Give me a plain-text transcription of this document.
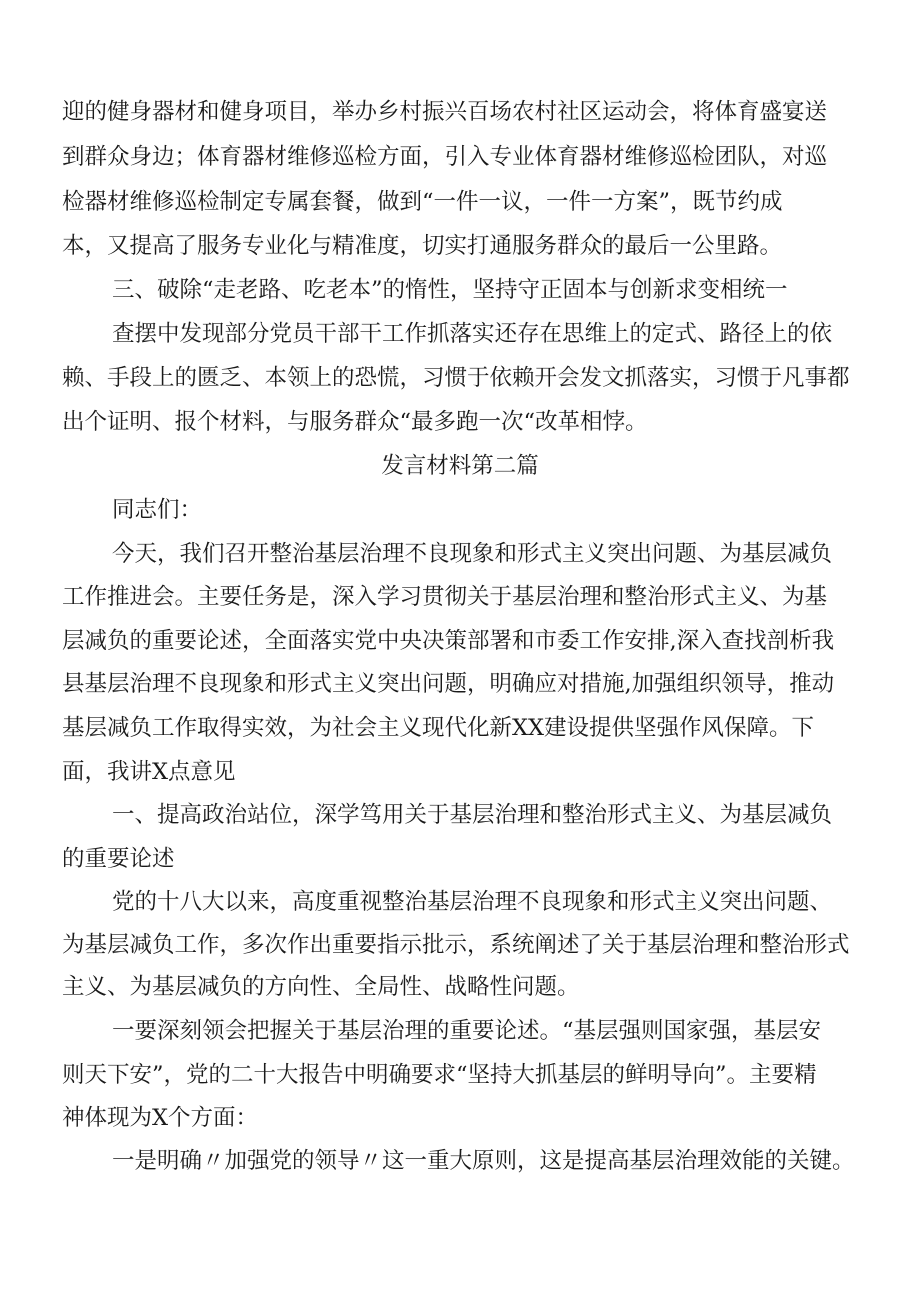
迎的健身器材和健身项目，举办乡村振兴百场农村社区运动会，将体育盛宴送
到群众身边；体育器材维修巡检方面，引入专业体育器材维修巡检团队，对巡
检器材维修巡检制定专属套餐，做到“一件一议，一件一方案”，既节约成
本，又提高了服务专业化与精准度，切实打通服务群众的最后一公里路。
三、破除“走老路、吃老本”的惰性，坚持守正固本与创新求变相统一
查摆中发现部分党员干部干工作抓落实还存在思维上的定式、路径上的依
赖、手段上的匮乏、本领上的恐慌，习惯于依赖开会发文抓落实，习惯于凡事都
出个证明、报个材料，与服务群众“最多跑一次“改革相悖。
发言材料第二篇
同志们：
今天，我们召开整治基层治理不良现象和形式主义突出问题、为基层减负
工作推进会。主要任务是，深入学习贯彻关于基层治理和整治形式主义、为基
层减负的重要论述，全面落实党中央决策部署和市委工作安排,深入查找剖析我
县基层治理不良现象和形式主义突出问题，明确应对措施,加强组织领导，推动
基层减负工作取得实效，为社会主义现代化新XX建设提供坚强作风保障。下
面，我讲X点意见
一、提高政治站位，深学笃用关于基层治理和整治形式主义、为基层减负
的重要论述
党的十八大以来，高度重视整治基层治理不良现象和形式主义突出问题、
为基层减负工作，多次作出重要指示批示，系统阐述了关于基层治理和整治形式
主义、为基层减负的方向性、全局性、战略性问题。
一要深刻领会把握关于基层治理的重要论述。“基层强则国家强，基层安
则天下安”，党的二十大报告中明确要求“坚持大抓基层的鲜明导向”。主要精
神体现为X个方面：
一是明确〃加强党的领导〃这一重大原则，这是提高基层治理效能的关键。
